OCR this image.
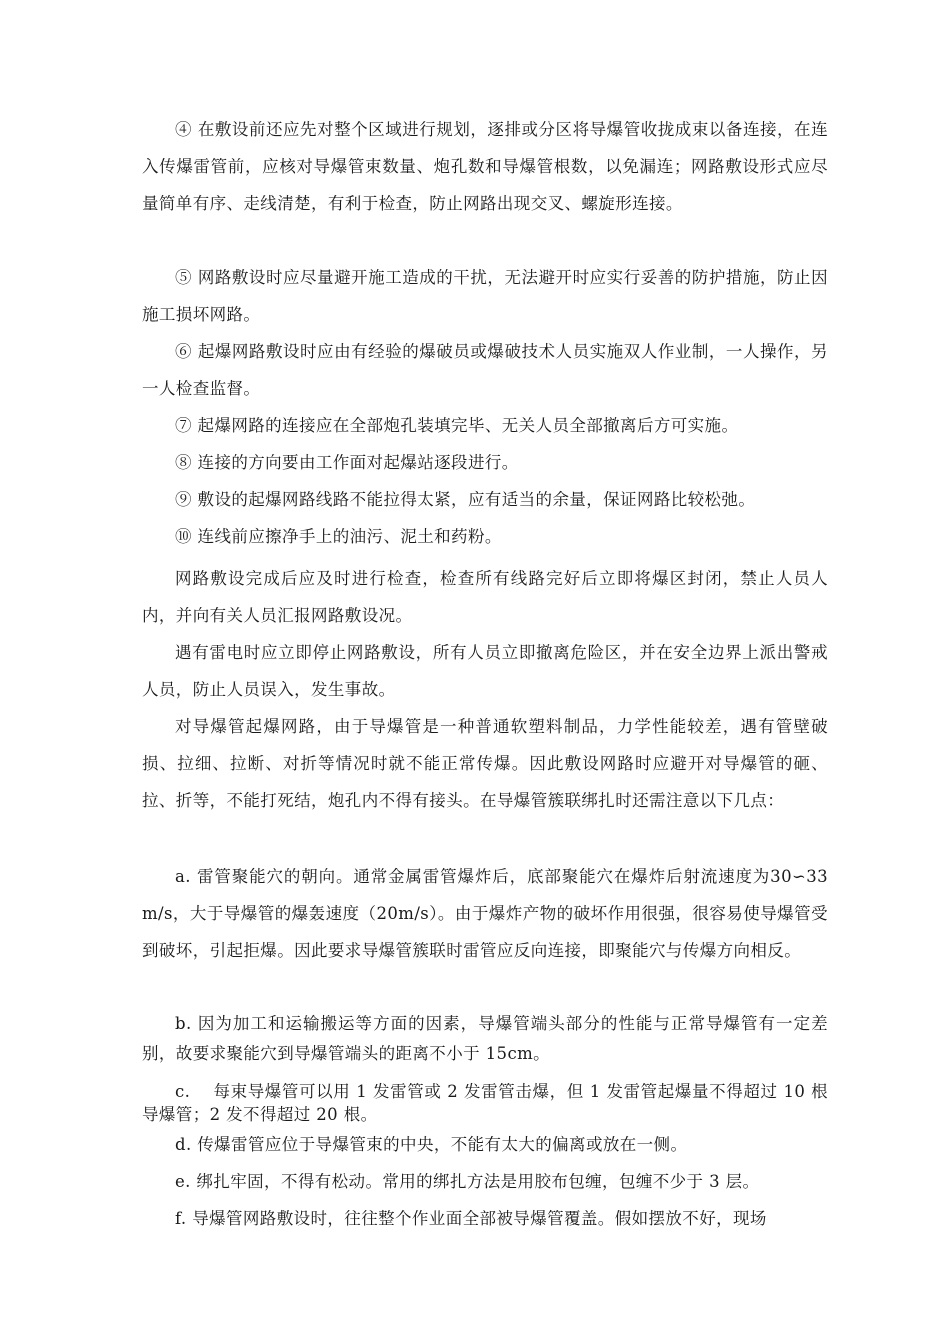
④ 在敷设前还应先对整个区域进行规划，逐排或分区将导爆管收拢成束以备连接，在连入传爆雷管前，应核对导爆管束数量、炮孔数和导爆管根数，以免漏连；网路敷设形式应尽量简单有序、走线清楚，有利于检查，防止网路出现交叉、螺旋形连接。

⑤ 网路敷设时应尽量避开施工造成的干扰，无法避开时应实行妥善的防护措施，防止因施工损坏网路。

⑥ 起爆网路敷设时应由有经验的爆破员或爆破技术人员实施双人作业制，一人操作，另一人检查监督。

⑦ 起爆网路的连接应在全部炮孔装填完毕、无关人员全部撤离后方可实施。

⑧ 连接的方向要由工作面对起爆站逐段进行。

⑨ 敷设的起爆网路线路不能拉得太紧，应有适当的余量，保证网路比较松弛。

⑩ 连线前应擦净手上的油污、泥土和药粉。

网路敷设完成后应及时进行检查，检查所有线路完好后立即将爆区封闭，禁止人员人内，并向有关人员汇报网路敷设况。

遇有雷电时应立即停止网路敷设，所有人员立即撤离危险区，并在安全边界上派出警戒人员，防止人员误入，发生事故。

对导爆管起爆网路，由于导爆管是一种普通软塑料制品，力学性能较差，遇有管壁破损、拉细、拉断、对折等情况时就不能正常传爆。因此敷设网路时应避开对导爆管的砸、拉、折等，不能打死结，炮孔内不得有接头。在导爆管簇联绑扎时还需注意以下几点：

a. 雷管聚能穴的朝向。通常金属雷管爆炸后，底部聚能穴在爆炸后射流速度为30∽33m/s，大于导爆管的爆轰速度（20m/s）。由于爆炸产物的破坏作用很强，很容易使导爆管受到破坏，引起拒爆。因此要求导爆管簇联时雷管应反向连接，即聚能穴与传爆方向相反。

b. 因为加工和运输搬运等方面的因素，导爆管端头部分的性能与正常导爆管有一定差别，故要求聚能穴到导爆管端头的距离不小于 15cm。

c.　 每束导爆管可以用 1 发雷管或 2 发雷管击爆，但 1 发雷管起爆量不得超过 10 根导爆管；2 发不得超过 20 根。

d. 传爆雷管应位于导爆管束的中央，不能有太大的偏离或放在一侧。

e. 绑扎牢固，不得有松动。常用的绑扎方法是用胶布包缠，包缠不少于 3 层。

f. 导爆管网路敷设时，往往整个作业面全部被导爆管覆盖。假如摆放不好，现场
